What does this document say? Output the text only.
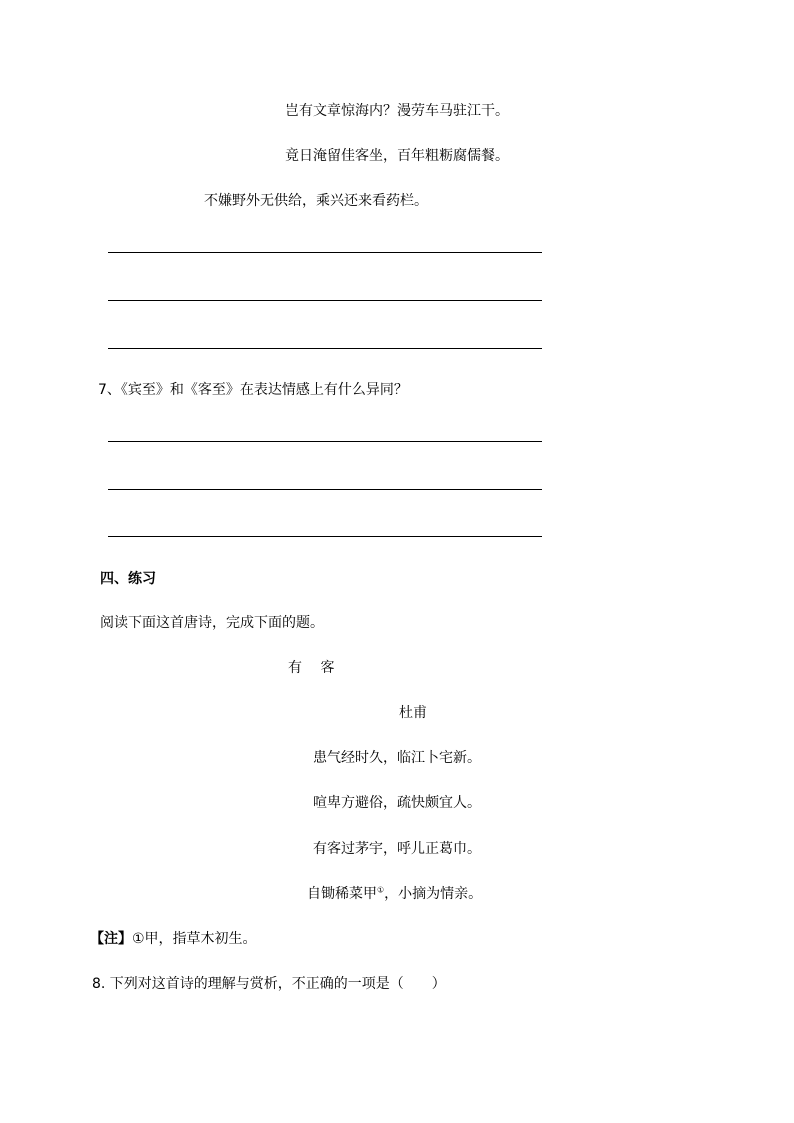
岂有文章惊海内？漫劳车马驻江干。
竟日淹留佳客坐，百年粗粝腐儒餐。
不嫌野外无供给，乘兴还来看药栏。
7、《宾至》和《客至》在表达情感上有什么异同？
四、练习
阅读下面这首唐诗，完成下面的题。
有 客
杜甫
患气经时久，临江卜宅新。
喧卑方避俗，疏快颇宜人。
有客过茅宇，呼儿正葛巾。
自锄稀菜甲①，小摘为情亲。
【注】①甲，指草木初生。
8. 下列对这首诗的理解与赏析，不正确的一项是（　　）
